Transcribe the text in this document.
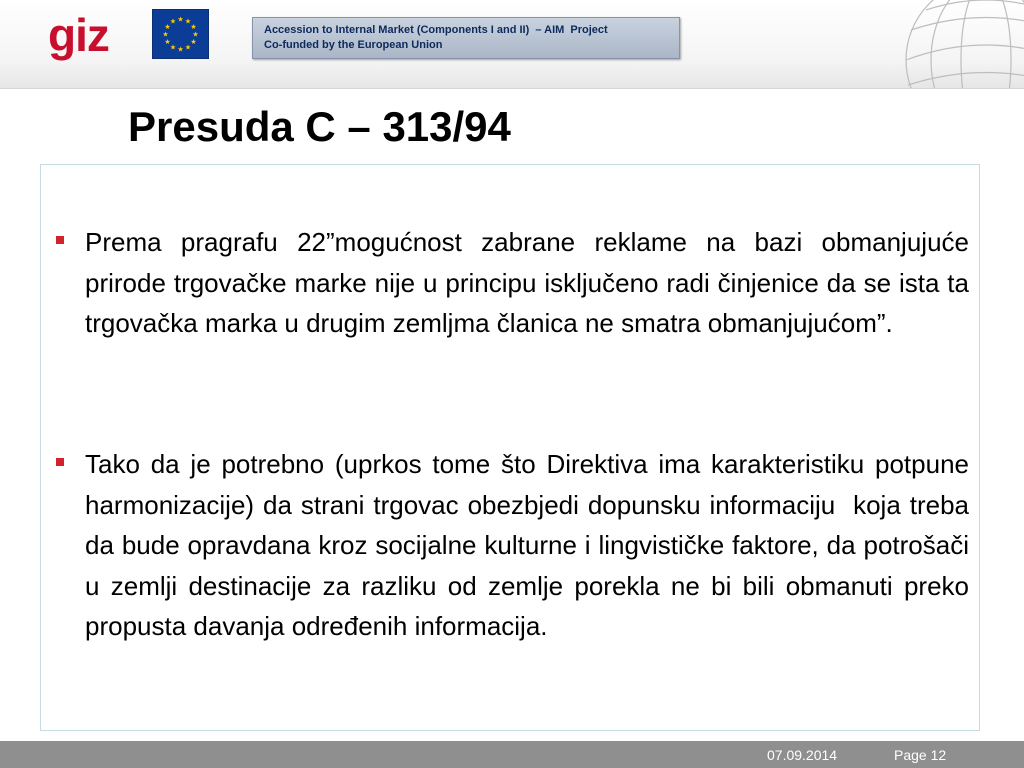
giz	★ ★
★
★
★
★
★
★
★
★
★
★
Accession to Internal Market (Components I and II)  – AIM  Project
Co-funded by the European Union
Presuda C – 313/94
Prema pragrafu 22”mogućnost zabrane reklame na bazi obmanjujuće prirode trgovačke marke nije u principu isključeno radi činjenice da se ista ta trgovačka marka u drugim zemljma članica ne smatra obmanjujućom”.
Tako da je potrebno (uprkos tome što Direktiva ima karakteristiku potpune harmonizacije) da strani trgovac obezbjedi dopunsku informaciju  koja treba da bude opravdana kroz socijalne kulturne i lingvističke faktore, da potrošači u zemlji destinacije za razliku od zemlje porekla ne bi bili obmanuti preko propusta davanja određenih informacija.
07.09.2014	Page 12
